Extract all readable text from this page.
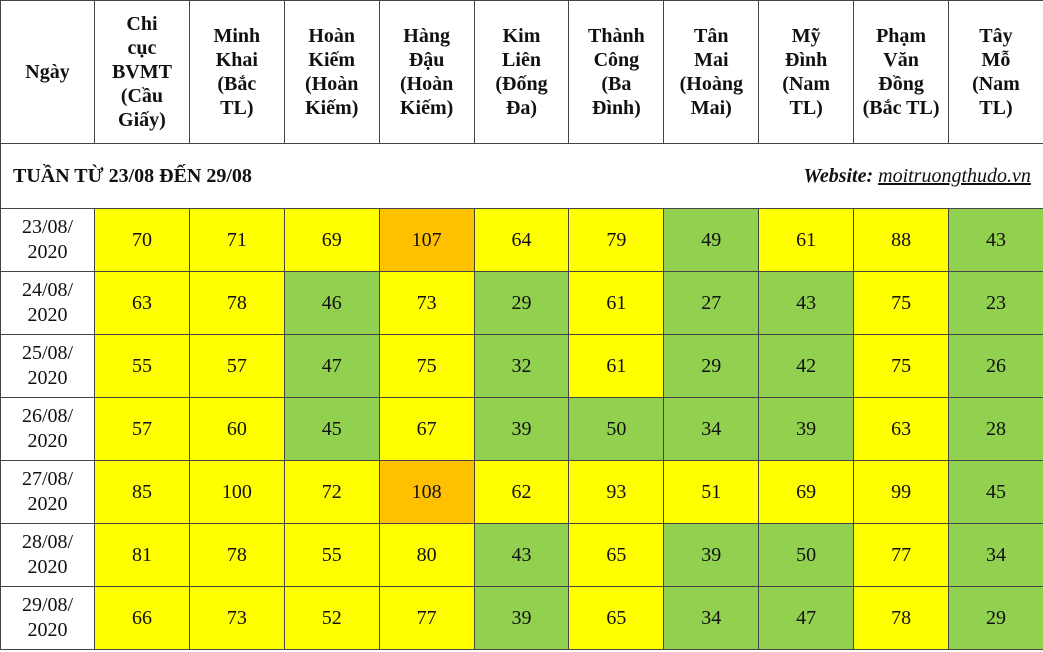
Ngày	Chi
cục
BVMT
(Cầu
Giấy)	Minh
Khai
(Bắc
TL)	Hoàn
Kiếm
(Hoàn
Kiếm)	Hàng
Đậu
(Hoàn
Kiếm)	Kim
Liên
(Đống
Đa)	Thành
Công
(Ba
Đình)	Tân
Mai
(Hoàng
Mai)	Mỹ
Đình
(Nam
TL)	Phạm
Văn
Đồng
(Bắc TL)	Tây
Mỗ
(Nam
TL)

TUẦN TỪ 23/08 ĐẾN 29/08 Website: moitruongthudo.vn										

23/08/
2020	70	71	69	107	64	79	49	61	88	43

24/08/
2020	63	78	46	73	29	61	27	43	75	23

25/08/
2020	55	57	47	75	32	61	29	42	75	26

26/08/
2020	57	60	45	67	39	50	34	39	63	28

27/08/
2020	85	100	72	108	62	93	51	69	99	45

28/08/
2020	81	78	55	80	43	65	39	50	77	34

29/08/
2020	66	73	52	77	39	65	34	47	78	29
